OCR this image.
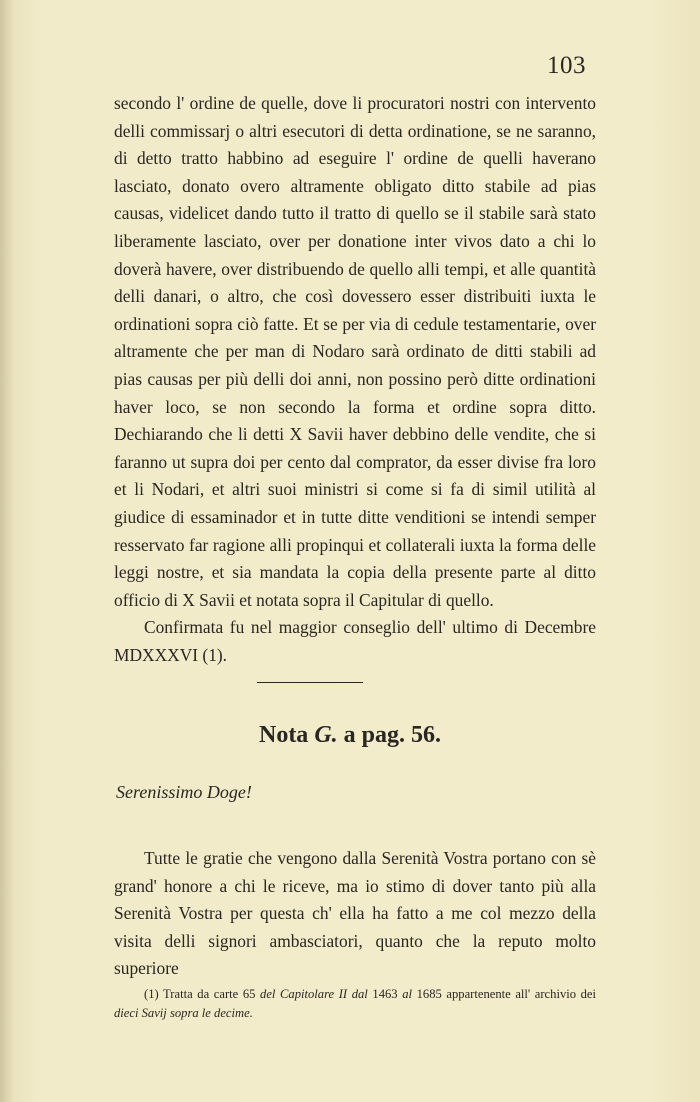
103

secondo l' ordine de quelle, dove li procuratori nostri con intervento delli commissarj o altri esecutori di detta ordinatione, se ne saranno, di detto tratto habbino ad eseguire l' ordine de quelli haverano lasciato, donato overo altramente obligato ditto stabile ad pias causas, videlicet dando tutto il tratto di quello se il stabile sarà stato liberamente lasciato, over per donatione inter vivos dato a chi lo doverà havere, over distribuendo de quello alli tempi, et alle quantità delli danari, o altro, che così dovessero esser distribuiti iuxta le ordinationi sopra ciò fatte. Et se per via di cedule testamentarie, over altramente che per man di Nodaro sarà ordinato de ditti stabili ad pias causas per più delli doi anni, non possino però ditte ordinationi haver loco, se non secondo la forma et ordine sopra ditto. Dechiarando che li detti X Savii haver debbino delle vendite, che si faranno ut supra doi per cento dal comprator, da esser divise fra loro et li Nodari, et altri suoi ministri si come si fa di simil utilità al giudice di essaminador et in tutte ditte venditioni se intendi semper resservato far ragione alli propinqui et collaterali iuxta la forma delle leggi nostre, et sia mandata la copia della presente parte al ditto officio di X Savii et notata sopra il Capitular di quello.

Confirmata fu nel maggior conseglio dell' ultimo di Decembre MDXXXVI (1).

Nota G. a pag. 56.
Serenissimo Doge!

Tutte le gratie che vengono dalla Serenità Vostra portano con sè grand' honore a chi le riceve, ma io stimo di dover tanto più alla Serenità Vostra per questa ch' ella ha fatto a me col mezzo della visita delli signori ambasciatori, quanto che la reputo molto superiore

(1) Tratta da carte 65 del Capitolare II dal 1463 al 1685 appartenente all' archivio dei dieci Savij sopra le decime.
